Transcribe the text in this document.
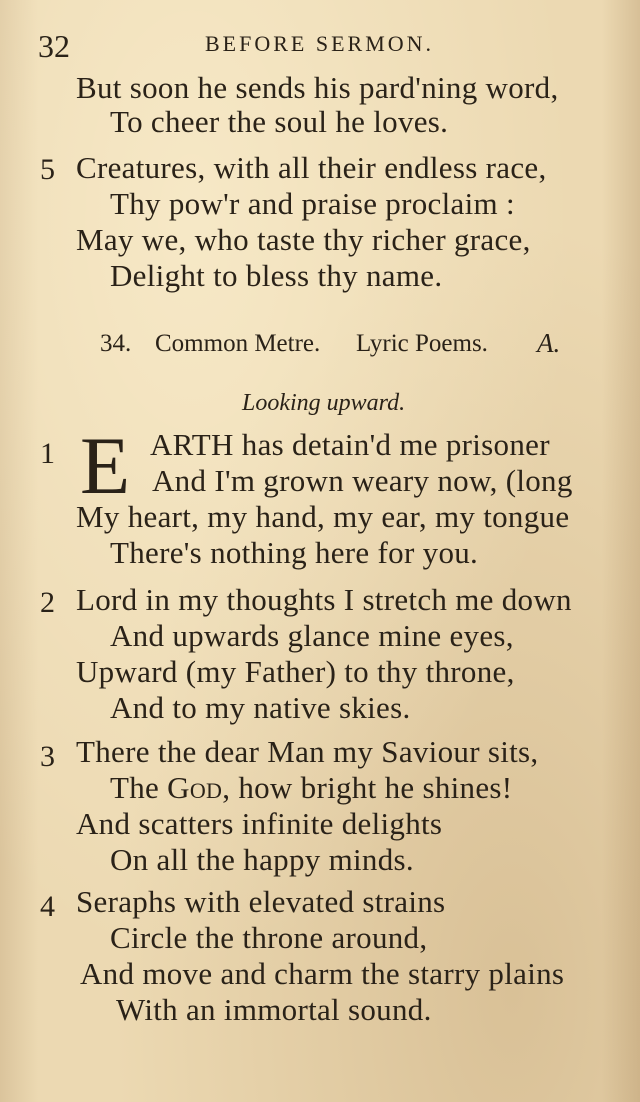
32	BEFORE SERMON.
But soon he sends his pard'ning word,
To cheer the soul he loves.
5 Creatures, with all their endless race,
Thy pow'r and praise proclaim :
May we, who taste thy richer grace,
Delight to bless thy name.
34. Common Metre. Lyric Poems. A.
Looking upward.
1 E ARTH has detain'd me prisoner
And I'm grown weary now, (long
My heart, my hand, my ear, my tongue
There's nothing here for you.
2 Lord in my thoughts I stretch me down
And upwards glance mine eyes,
Upward (my Father) to thy throne,
And to my native skies.
3 There the dear Man my Saviour sits,
The God, how bright he shines!
And scatters infinite delights
On all the happy minds.
4 Seraphs with elevated strains
Circle the throne around,
And move and charm the starry plains
With an immortal sound.
